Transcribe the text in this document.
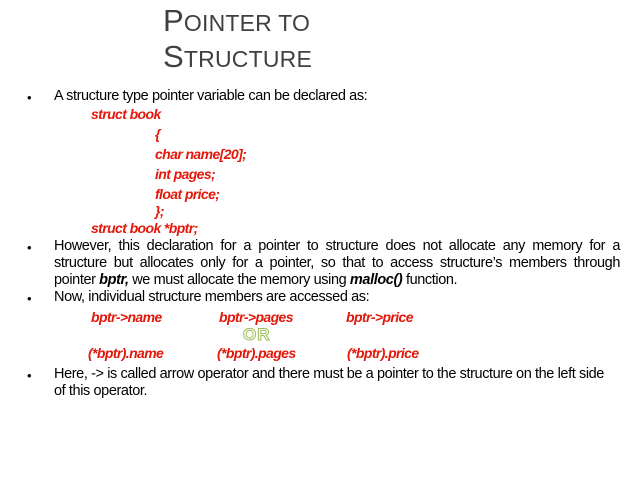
POINTER TO
STRUCTURE
• A structure type pointer variable can be declared as:
struct book
{
char name[20];
int pages;
float price;
};
struct book *bptr;
• However, this declaration for a pointer to structure does not allocate any memory for a structure but allocates only for a pointer, so that to access structure’s members through pointer bptr, we must allocate the memory using malloc() function.
• Now, individual structure members are accessed as:
bptr->name	bptr->pages	bptr->price
OR
(*bptr).name	(*bptr).pages	(*bptr).price
• Here, -> is called arrow operator and there must be a pointer to the structure on the left side of this operator.
